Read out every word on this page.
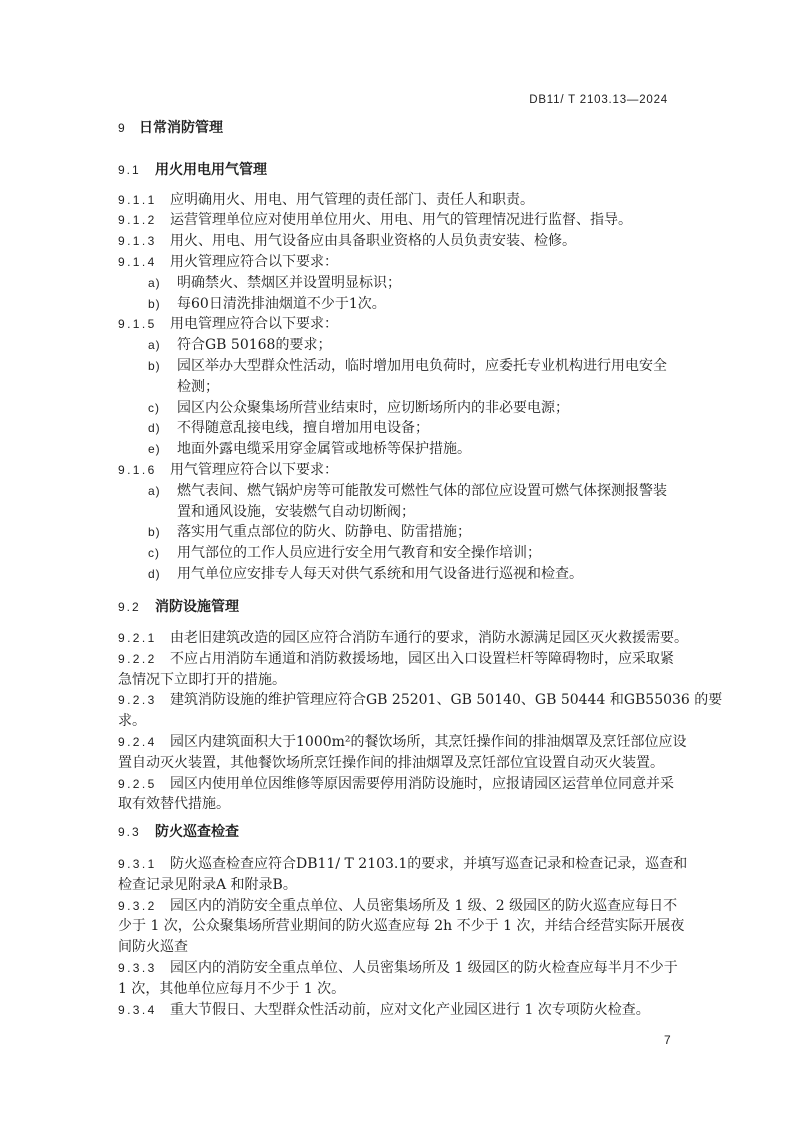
DB11/ T 2103.13—2024
9 日常消防管理
9.1 用火用电用气管理
9.1.1 应明确用火、用电、用气管理的责任部门、责任人和职责。
9.1.2 运营管理单位应对使用单位用火、用电、用气的管理情况进行监督、指导。
9.1.3 用火、用电、用气设备应由具备职业资格的人员负责安装、检修。
9.1.4 用火管理应符合以下要求：
a)	明确禁火、禁烟区并设置明显标识；
b)	每60日清洗排油烟道不少于1次。
9.1.5 用电管理应符合以下要求：
a)	符合GB 50168的要求；
b)	园区举办大型群众性活动，临时增加用电负荷时，应委托专业机构进行用电安全
检测；
c)	园区内公众聚集场所营业结束时，应切断场所内的非必要电源；
d)	不得随意乱接电线，擅自增加用电设备；
e)	地面外露电缆采用穿金属管或地桥等保护措施。
9.1.6 用气管理应符合以下要求：
a)	燃气表间、燃气锅炉房等可能散发可燃性气体的部位应设置可燃气体探测报警装
置和通风设施，安装燃气自动切断阀；
b)	落实用气重点部位的防火、防静电、防雷措施；
c)	用气部位的工作人员应进行安全用气教育和安全操作培训；
d)	用气单位应安排专人每天对供气系统和用气设备进行巡视和检查。
9.2 消防设施管理
9.2.1 由老旧建筑改造的园区应符合消防车通行的要求，消防水源满足园区灭火救援需要。
9.2.2 不应占用消防车通道和消防救援场地，园区出入口设置栏杆等障碍物时，应采取紧
急情况下立即打开的措施。
9.2.3 建筑消防设施的维护管理应符合GB 25201、GB 50140、GB 50444 和GB55036 的要
求。
9.2.4 园区内建筑面积大于1000m²的餐饮场所，其烹饪操作间的排油烟罩及烹饪部位应设
置自动灭火装置，其他餐饮场所烹饪操作间的排油烟罩及烹饪部位宜设置自动灭火装置。
9.2.5 园区内使用单位因维修等原因需要停用消防设施时，应报请园区运营单位同意并采
取有效替代措施。
9.3 防火巡查检查
9.3.1 防火巡查检查应符合DB11/ T 2103.1的要求，并填写巡查记录和检查记录，巡查和
检查记录见附录A 和附录B。
9.3.2 园区内的消防安全重点单位、人员密集场所及 1 级、2 级园区的防火巡查应每日不
少于 1 次，公众聚集场所营业期间的防火巡查应每 2h 不少于 1 次，并结合经营实际开展夜
间防火巡查
9.3.3 园区内的消防安全重点单位、人员密集场所及 1 级园区的防火检查应每半月不少于
1 次，其他单位应每月不少于 1 次。
9.3.4 重大节假日、大型群众性活动前，应对文化产业园区进行 1 次专项防火检查。
7
